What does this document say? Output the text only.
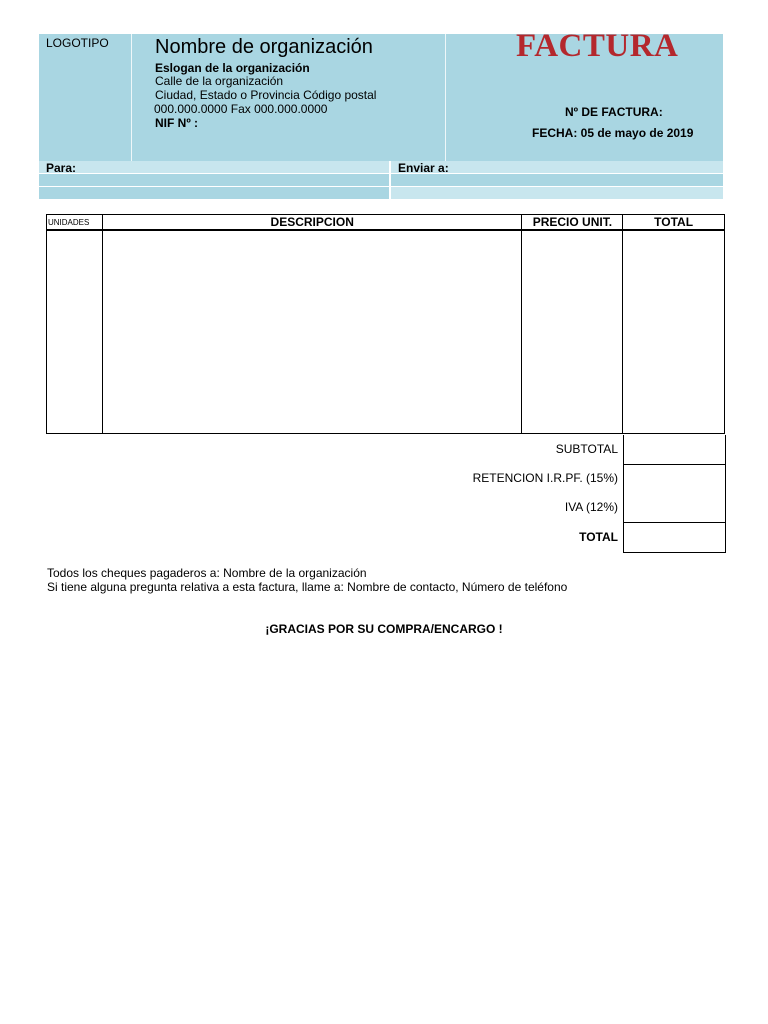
LOGOTIPO Nombre de organización
Eslogan de la organización
Calle de la organización
Ciudad, Estado o Provincia Código postal
000.000.0000 Fax 000.000.0000
NIF Nº :
FACTURA
Nº DE FACTURA:
FECHA: 05 de mayo de 2019
Para:	Enviar a:
UNIDADES	DESCRIPCION	PRECIO UNIT.	TOTAL

SUBTOTAL
RETENCION I.R.PF. (15%)
IVA (12%)
TOTAL
Todos los cheques pagaderos a: Nombre de la organización
Si tiene alguna pregunta relativa a esta factura, llame a: Nombre de contacto, Número de teléfono
¡GRACIAS POR SU COMPRA/ENCARGO !
